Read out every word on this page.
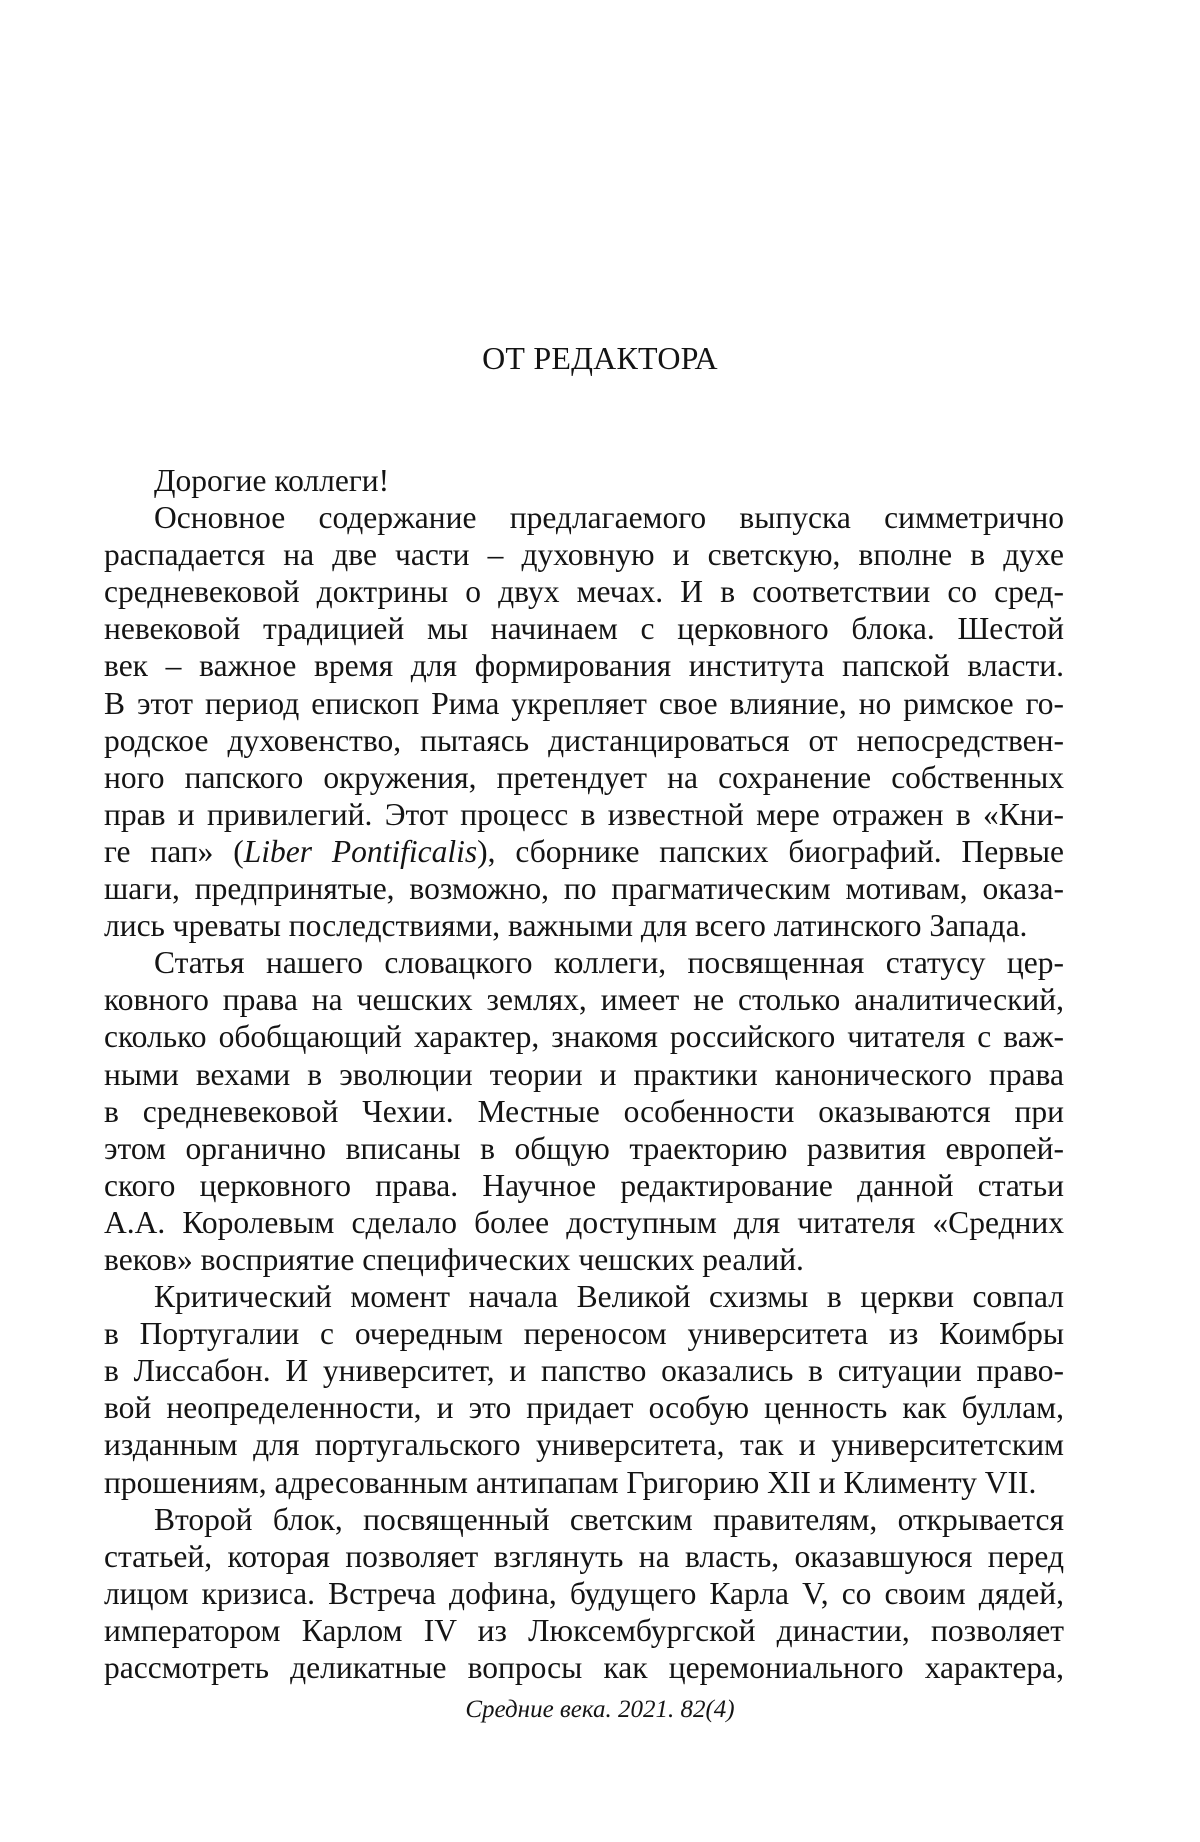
ОТ РЕДАКТОРА
Дорогие коллеги!
Основное содержание предлагаемого выпуска симметрично
распадается на две части – духовную и светскую, вполне в духе
средневековой доктрины о двух мечах. И в соответствии со сред-
невековой традицией мы начинаем с церковного блока. Шестой
век – важное время для формирования института папской власти.
В этот период епископ Рима укрепляет свое влияние, но римское го-
родское духовенство, пытаясь дистанцироваться от непосредствен-
ного папского окружения, претендует на сохранение собственных
прав и привилегий. Этот процесс в известной мере отражен в «Кни-
ге пап» (Liber Pontificalis), сборнике папских биографий. Первые
шаги, предпринятые, возможно, по прагматическим мотивам, оказа-
лись чреваты последствиями, важными для всего латинского Запада.
Статья нашего словацкого коллеги, посвященная статусу цер-
ковного права на чешских землях, имеет не столько аналитический,
сколько обобщающий характер, знакомя российского читателя с важ-
ными вехами в эволюции теории и практики канонического права
в средневековой Чехии. Местные особенности оказываются при
этом органично вписаны в общую траекторию развития европей-
ского церковного права. Научное редактирование данной статьи
А.А. Королевым сделало более доступным для читателя «Средних
веков» восприятие специфических чешских реалий.
Критический момент начала Великой схизмы в церкви совпал
в Португалии с очередным переносом университета из Коимбры
в Лиссабон. И университет, и папство оказались в ситуации право-
вой неопределенности, и это придает особую ценность как буллам,
изданным для португальского университета, так и университетским
прошениям, адресованным антипапам Григорию XII и Клименту VII.
Второй блок, посвященный светским правителям, открывается
статьей, которая позволяет взглянуть на власть, оказавшуюся перед
лицом кризиса. Встреча дофина, будущего Карла V, со своим дядей,
императором Карлом IV из Люксембургской династии, позволяет
рассмотреть деликатные вопросы как церемониального характера,
Средние века. 2021. 82(4)
